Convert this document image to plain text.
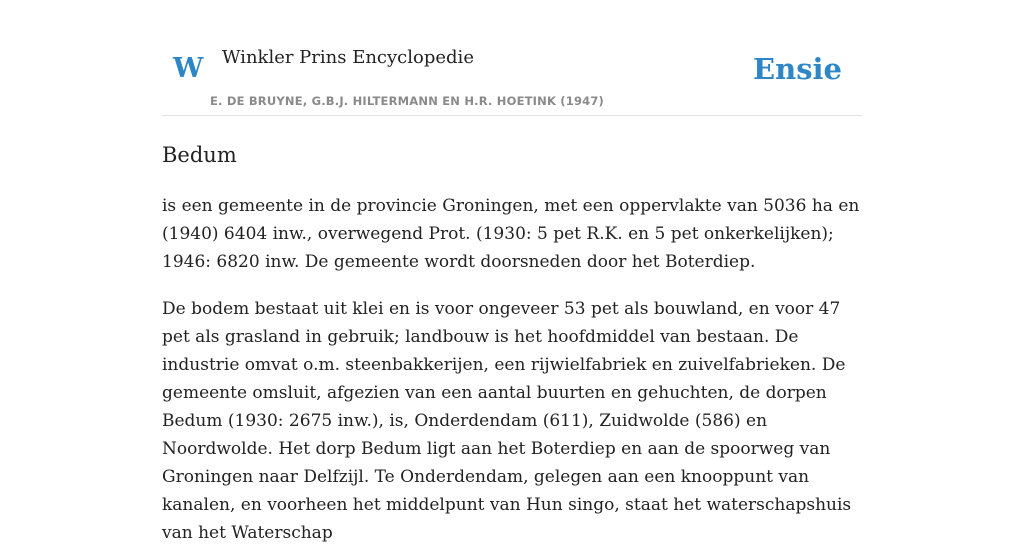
W Winkler Prins Encyclopedie
E. DE BRUYNE, G.B.J. HILTERMANN EN H.R. HOETINK (1947)
Ensie
Bedum

is een gemeente in de provincie Groningen, met een oppervlakte van 5036 ha en (1940) 6404 inw., overwegend Prot. (1930: 5 pet R.K. en 5 pet onkerkelijken); 1946: 6820 inw. De gemeente wordt doorsneden door het Boterdiep.

De bodem bestaat uit klei en is voor ongeveer 53 pet als bouwland, en voor 47 pet als grasland in gebruik; landbouw is het hoofdmiddel van bestaan. De industrie omvat o.m. steenbakkerijen, een rijwielfabriek en zuivelfabrieken. De gemeente omsluit, afgezien van een aantal buurten en gehuchten, de dorpen Bedum (1930: 2675 inw.), is, Onderdendam (611), Zuidwolde (586) en Noordwolde. Het dorp Bedum ligt aan het Boterdiep en aan de spoorweg van Groningen naar Delfzijl. Te Onderdendam, gelegen aan een knooppunt van kanalen, en voorheen het middelpunt van Hun singo, staat het waterschapshuis van het Waterschap
